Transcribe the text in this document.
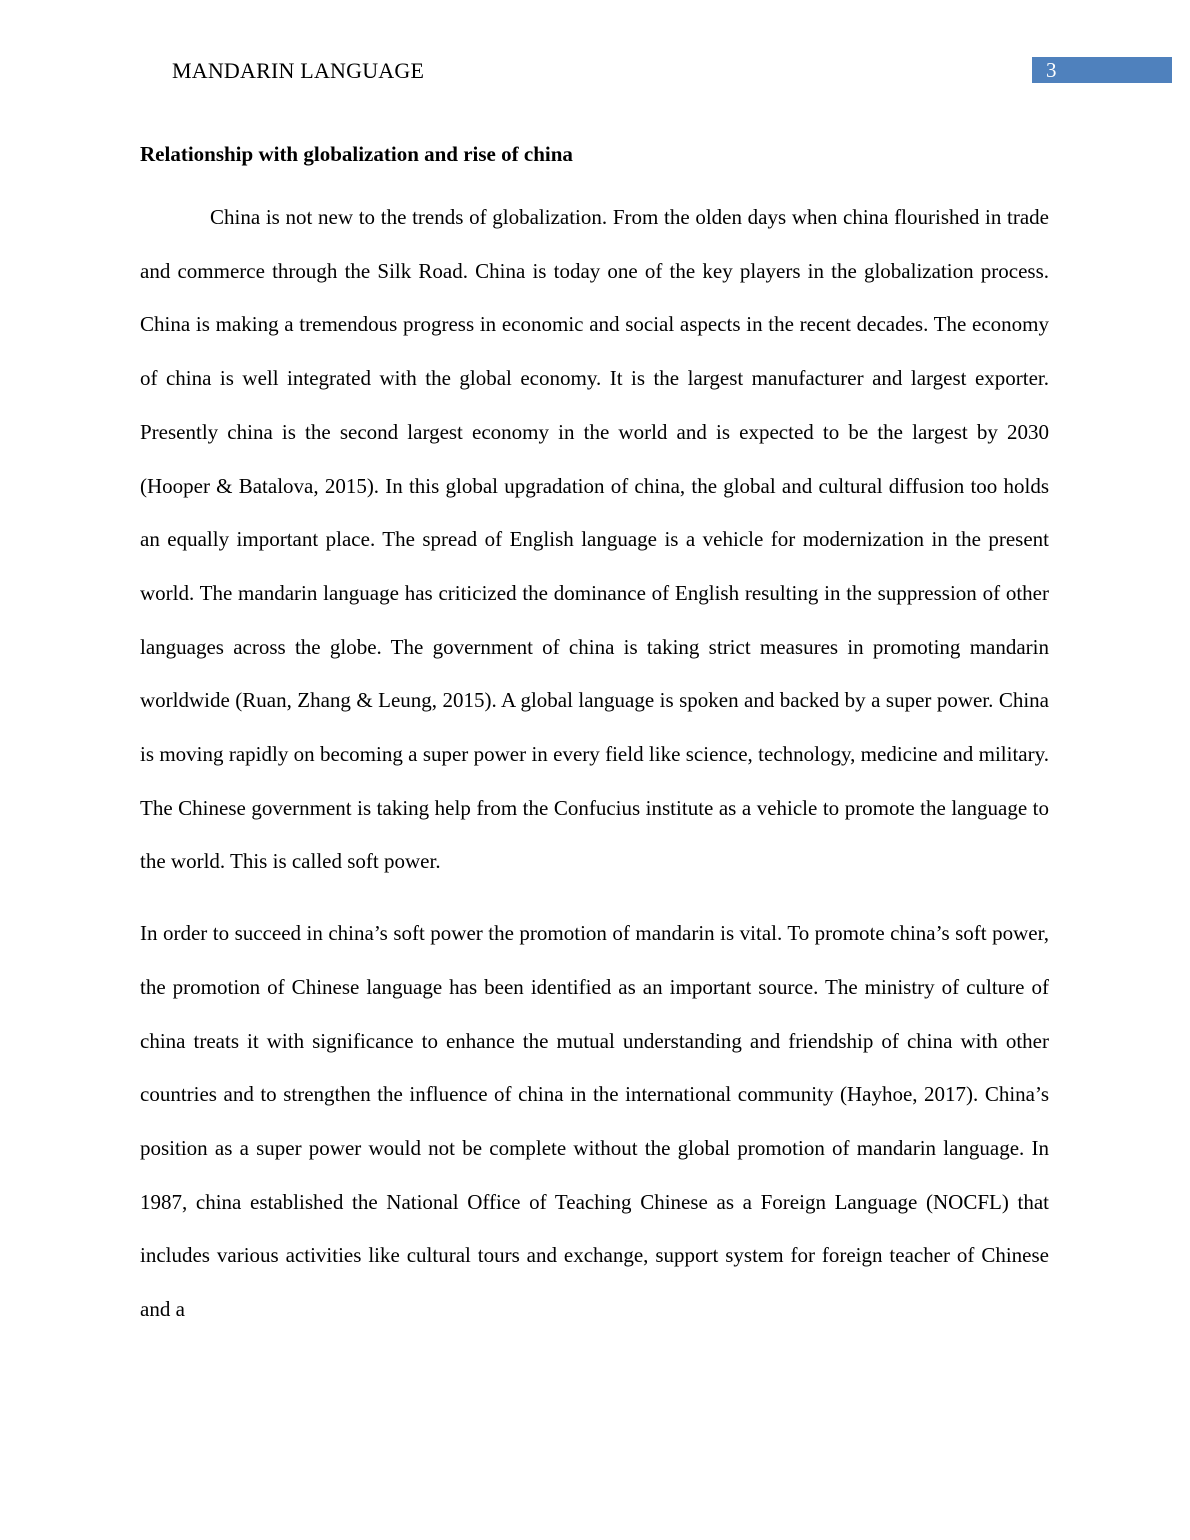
MANDARIN LANGUAGE	3
Relationship with globalization and rise of china

China is not new to the trends of globalization. From the olden days when china flourished in trade and commerce through the Silk Road. China is today one of the key players in the globalization process. China is making a tremendous progress in economic and social aspects in the recent decades. The economy of china is well integrated with the global economy. It is the largest manufacturer and largest exporter. Presently china is the second largest economy in the world and is expected to be the largest by 2030 (Hooper & Batalova, 2015). In this global upgradation of china, the global and cultural diffusion too holds an equally important place. The spread of English language is a vehicle for modernization in the present world. The mandarin language has criticized the dominance of English resulting in the suppression of other languages across the globe. The government of china is taking strict measures in promoting mandarin worldwide (Ruan, Zhang & Leung, 2015). A global language is spoken and backed by a super power. China is moving rapidly on becoming a super power in every field like science, technology, medicine and military. The Chinese government is taking help from the Confucius institute as a vehicle to promote the language to the world. This is called soft power.

In order to succeed in china’s soft power the promotion of mandarin is vital. To promote china’s soft power, the promotion of Chinese language has been identified as an important source. The ministry of culture of china treats it with significance to enhance the mutual understanding and friendship of china with other countries and to strengthen the influence of china in the international community (Hayhoe, 2017). China’s position as a super power would not be complete without the global promotion of mandarin language. In 1987, china established the National Office of Teaching Chinese as a Foreign Language (NOCFL) that includes various activities like cultural tours and exchange, support system for foreign teacher of Chinese and a
